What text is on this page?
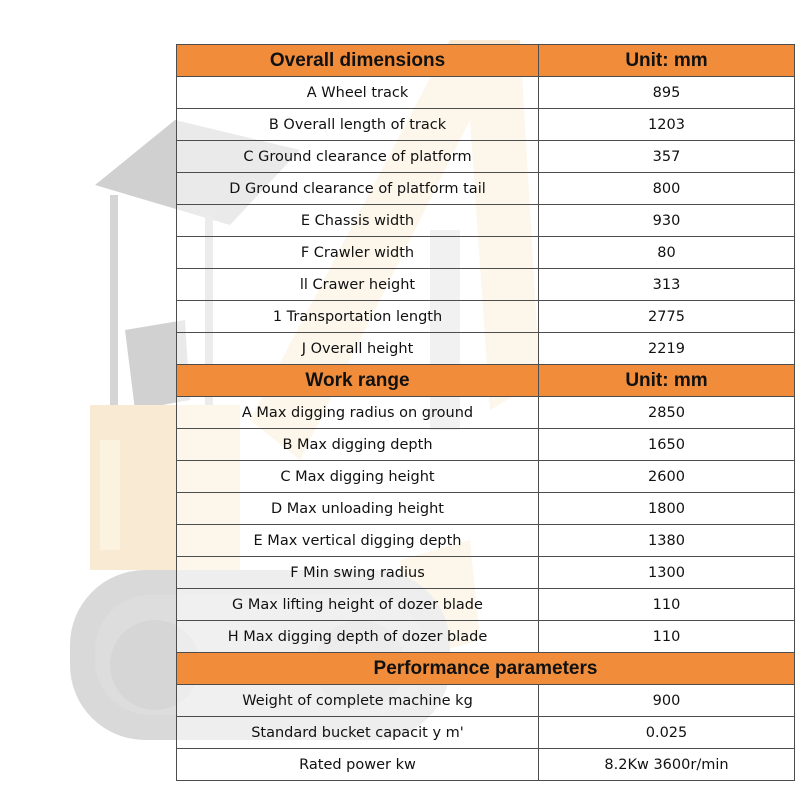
Overall dimensions	Unit: mm
A Wheel track	895
B Overall length of track	1203
C Ground clearance of platform	357
D Ground clearance of platform tail	800
E Chassis width	930
F Crawler width	80
ll Crawer height	313
1 Transportation length	2775
J Overall height	2219
Work range	Unit: mm
A Max digging radius on ground	2850
B Max digging depth	1650
C Max digging height	2600
D Max unloading height	1800
E Max vertical digging depth	1380
F Min swing radius	1300
G Max lifting height of dozer blade	110
H Max digging depth of dozer blade	110
Performance parameters	
Weight of complete machine kg	900
Standard bucket capacit y m'	0.025
Rated power kw	8.2Kw 3600r/min
